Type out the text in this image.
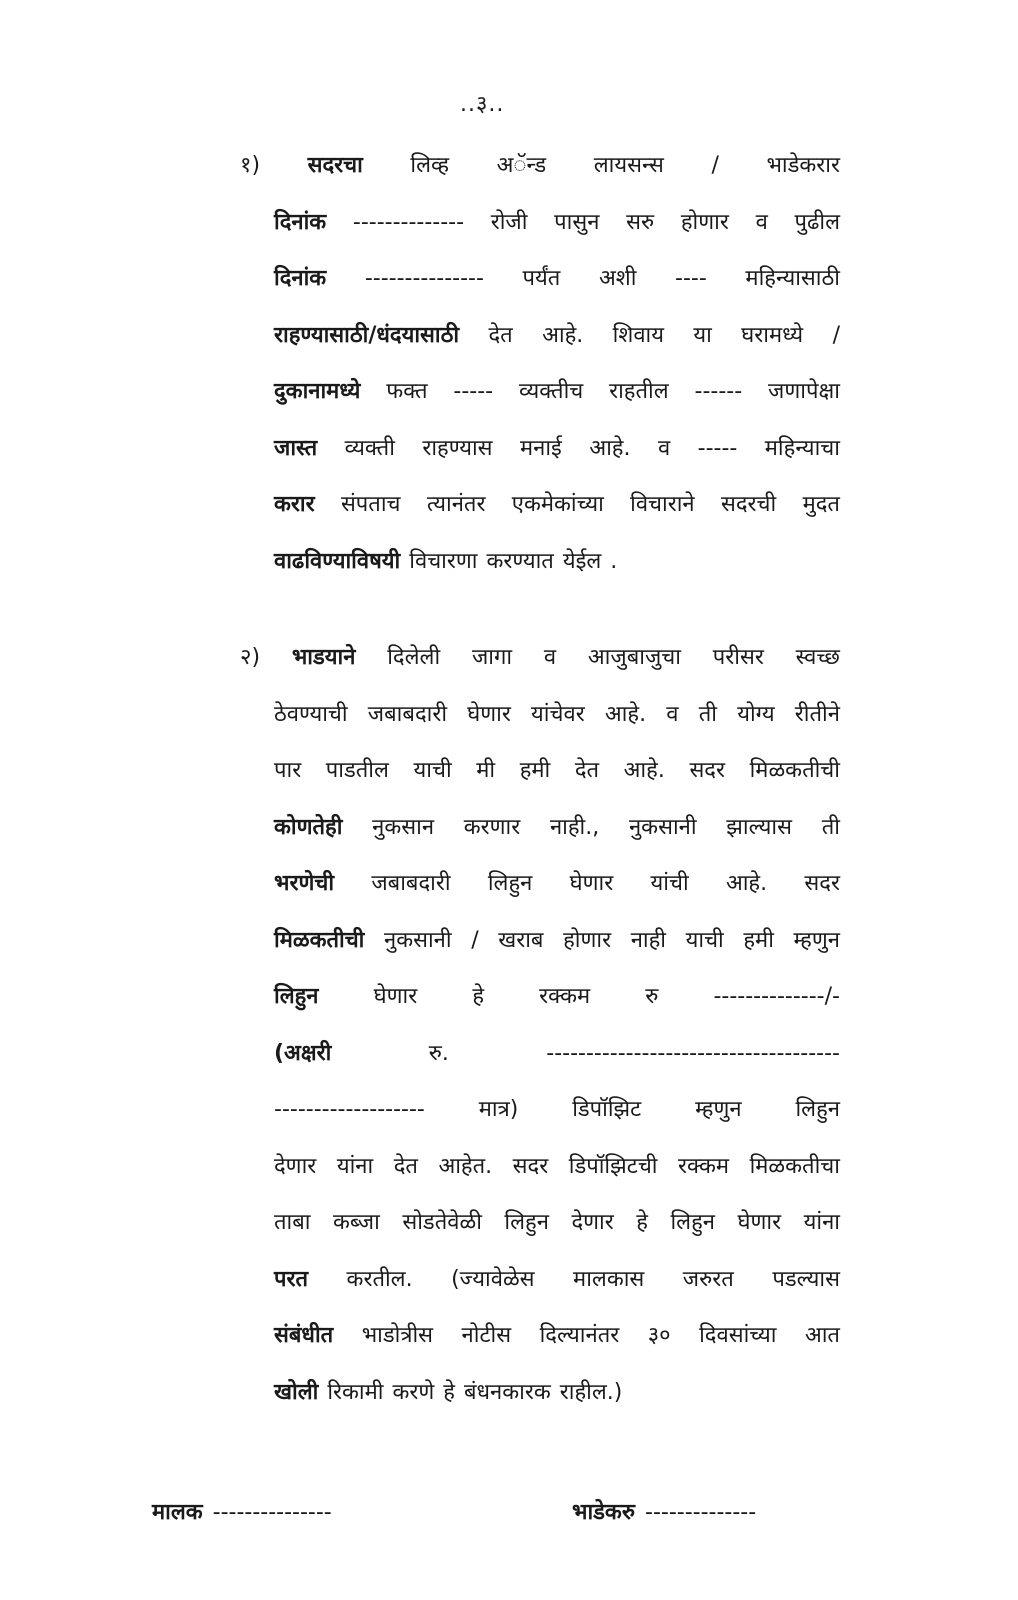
..३..
१) सदरचा लिव्ह अॅन्ड लायसन्स / भाडेकरार
दिनांक -------------- रोजी पासुन सरु होणार व पुढील
दिनांक --------------- पर्यंत अशी ---- महिन्यासाठी
राहण्यासाठी/धंदयासाठी देत आहे. शिवाय या घरामध्ये /
दुकानामध्ये फक्त ----- व्यक्तीच राहतील ------ जणापेक्षा
जास्त व्यक्ती राहण्यास मनाई आहे. व ----- महिन्याचा
करार संपताच त्यानंतर एकमेकांच्या विचाराने सदरची मुदत
वाढविण्याविषयी विचारणा करण्यात येईल .
२) भाडयाने दिलेली जागा व आजुबाजुचा परीसर स्वच्छ
ठेवण्याची जबाबदारी घेणार यांचेवर आहे. व ती योग्य रीतीने
पार पाडतील याची मी हमी देत आहे. सदर मिळकतीची
कोणतेही नुकसान करणार नाही., नुकसानी झाल्यास ती
भरणेची जबाबदारी लिहुन घेणार यांची आहे. सदर
मिळकतीची नुकसानी / खराब होणार नाही याची हमी म्हणुन
लिहुन	घेणार	हे	रक्कम	रु	--------------/-
(अक्षरी	रु.	-------------------------------------
------------------- मात्र) डिपॉझिट म्हणुन लिहुन
देणार यांना देत आहेत. सदर डिपॉझिटची रक्कम मिळकतीचा
ताबा कब्जा सोडतेवेळी लिहुन देणार हे लिहुन घेणार यांना
परत करतील. (ज्यावेळेस मालकास जरुरत पडल्यास
संबंधीत भाडोत्रीस नोटीस दिल्यानंतर ३० दिवसांच्या आत
खोली रिकामी करणे हे बंधनकारक राहील.)
मालक ---------------	भाडेकरु --------------
